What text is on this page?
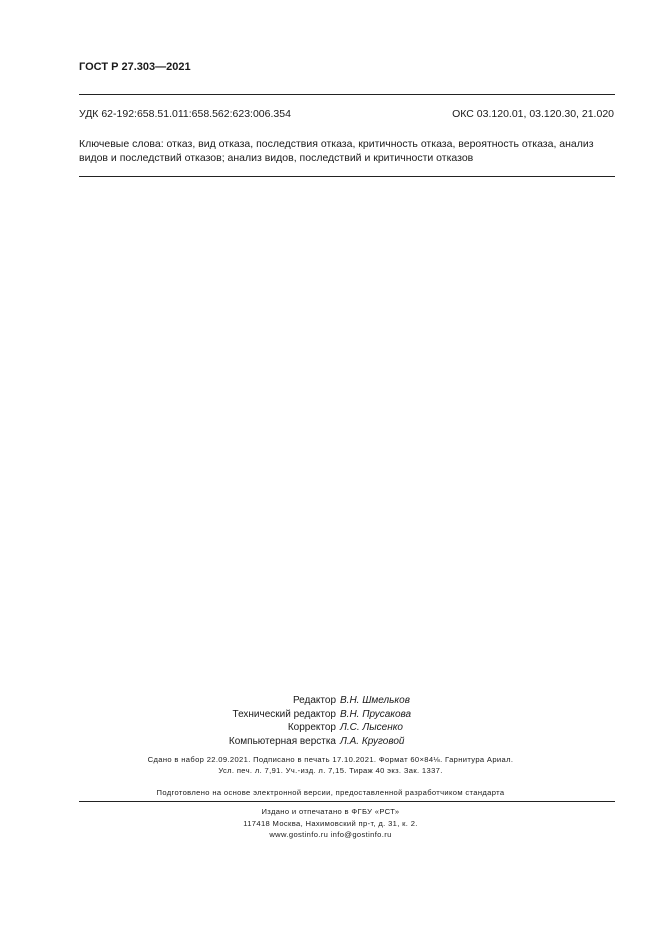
ГОСТ Р 27.303—2021
УДК 62-192:658.51.011:658.562:623:006.354	ОКС 03.120.01, 03.120.30, 21.020
Ключевые слова: отказ, вид отказа, последствия отказа, критичность отказа, вероятность отказа, анализ видов и последствий отказов; анализ видов, последствий и критичности отказов
Редактор В.Н. Шмельков
Технический редактор В.Н. Прусакова
Корректор Л.С. Лысенко
Компьютерная верстка Л.А. Круговой
Сдано в набор 22.09.2021. Подписано в печать 17.10.2021. Формат 60×84⅛. Гарнитура Ариал.
Усл. печ. л. 7,91. Уч.-изд. л. 7,15. Тираж 40 экз. Зак. 1337.
Подготовлено на основе электронной версии, предоставленной разработчиком стандарта
Издано и отпечатано в ФГБУ «РСТ»
117418 Москва, Нахимовский пр-т, д. 31, к. 2.
www.gostinfo.ru info@gostinfo.ru
